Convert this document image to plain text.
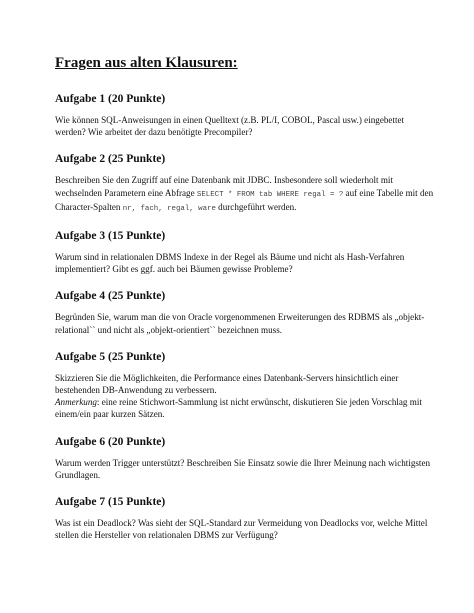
Fragen aus alten Klausuren:
Aufgabe 1 (20 Punkte)

Wie können SQL-Anweisungen in einen Quelltext (z.B. PL/I, COBOL, Pascal usw.) eingebettet werden? Wie arbeitet der dazu benötigte Precompiler?

Aufgabe 2 (25 Punkte)

Beschreiben Sie den Zugriff auf eine Datenbank mit JDBC. Insbesondere soll wiederholt mit wechselnden Parametern eine Abfrage SELECT * FROM tab WHERE regal = ? auf eine Tabelle mit den Character-Spalten nr, fach, regal, ware durchgeführt werden.

Aufgabe 3 (15 Punkte)

Warum sind in relationalen DBMS Indexe in der Regel als Bäume und nicht als Hash-Verfahren implementiert? Gibt es ggf. auch bei Bäumen gewisse Probleme?

Aufgabe 4 (25 Punkte)

Begründen Sie, warum man die von Oracle vorgenommenen Erweiterungen des RDBMS als „objekt-relational`` und nicht als „objekt-orientiert`` bezeichnen muss.

Aufgabe 5 (25 Punkte)

Skizzieren Sie die Möglichkeiten, die Performance eines Datenbank-Servers hinsichtlich einer bestehenden DB-Anwendung zu verbessern.
Anmerkung: eine reine Stichwort-Sammlung ist nicht erwünscht, diskutieren Sie jeden Vorschlag mit einem/ein paar kurzen Sätzen.

Aufgabe 6 (20 Punkte)

Warum werden Trigger unterstützt? Beschreiben Sie Einsatz sowie die Ihrer Meinung nach wichtigsten Grundlagen.

Aufgabe 7 (15 Punkte)

Was ist ein Deadlock? Was sieht der SQL-Standard zur Vermeidung von Deadlocks vor, welche Mittel stellen die Hersteller von relationalen DBMS zur Verfügung?
